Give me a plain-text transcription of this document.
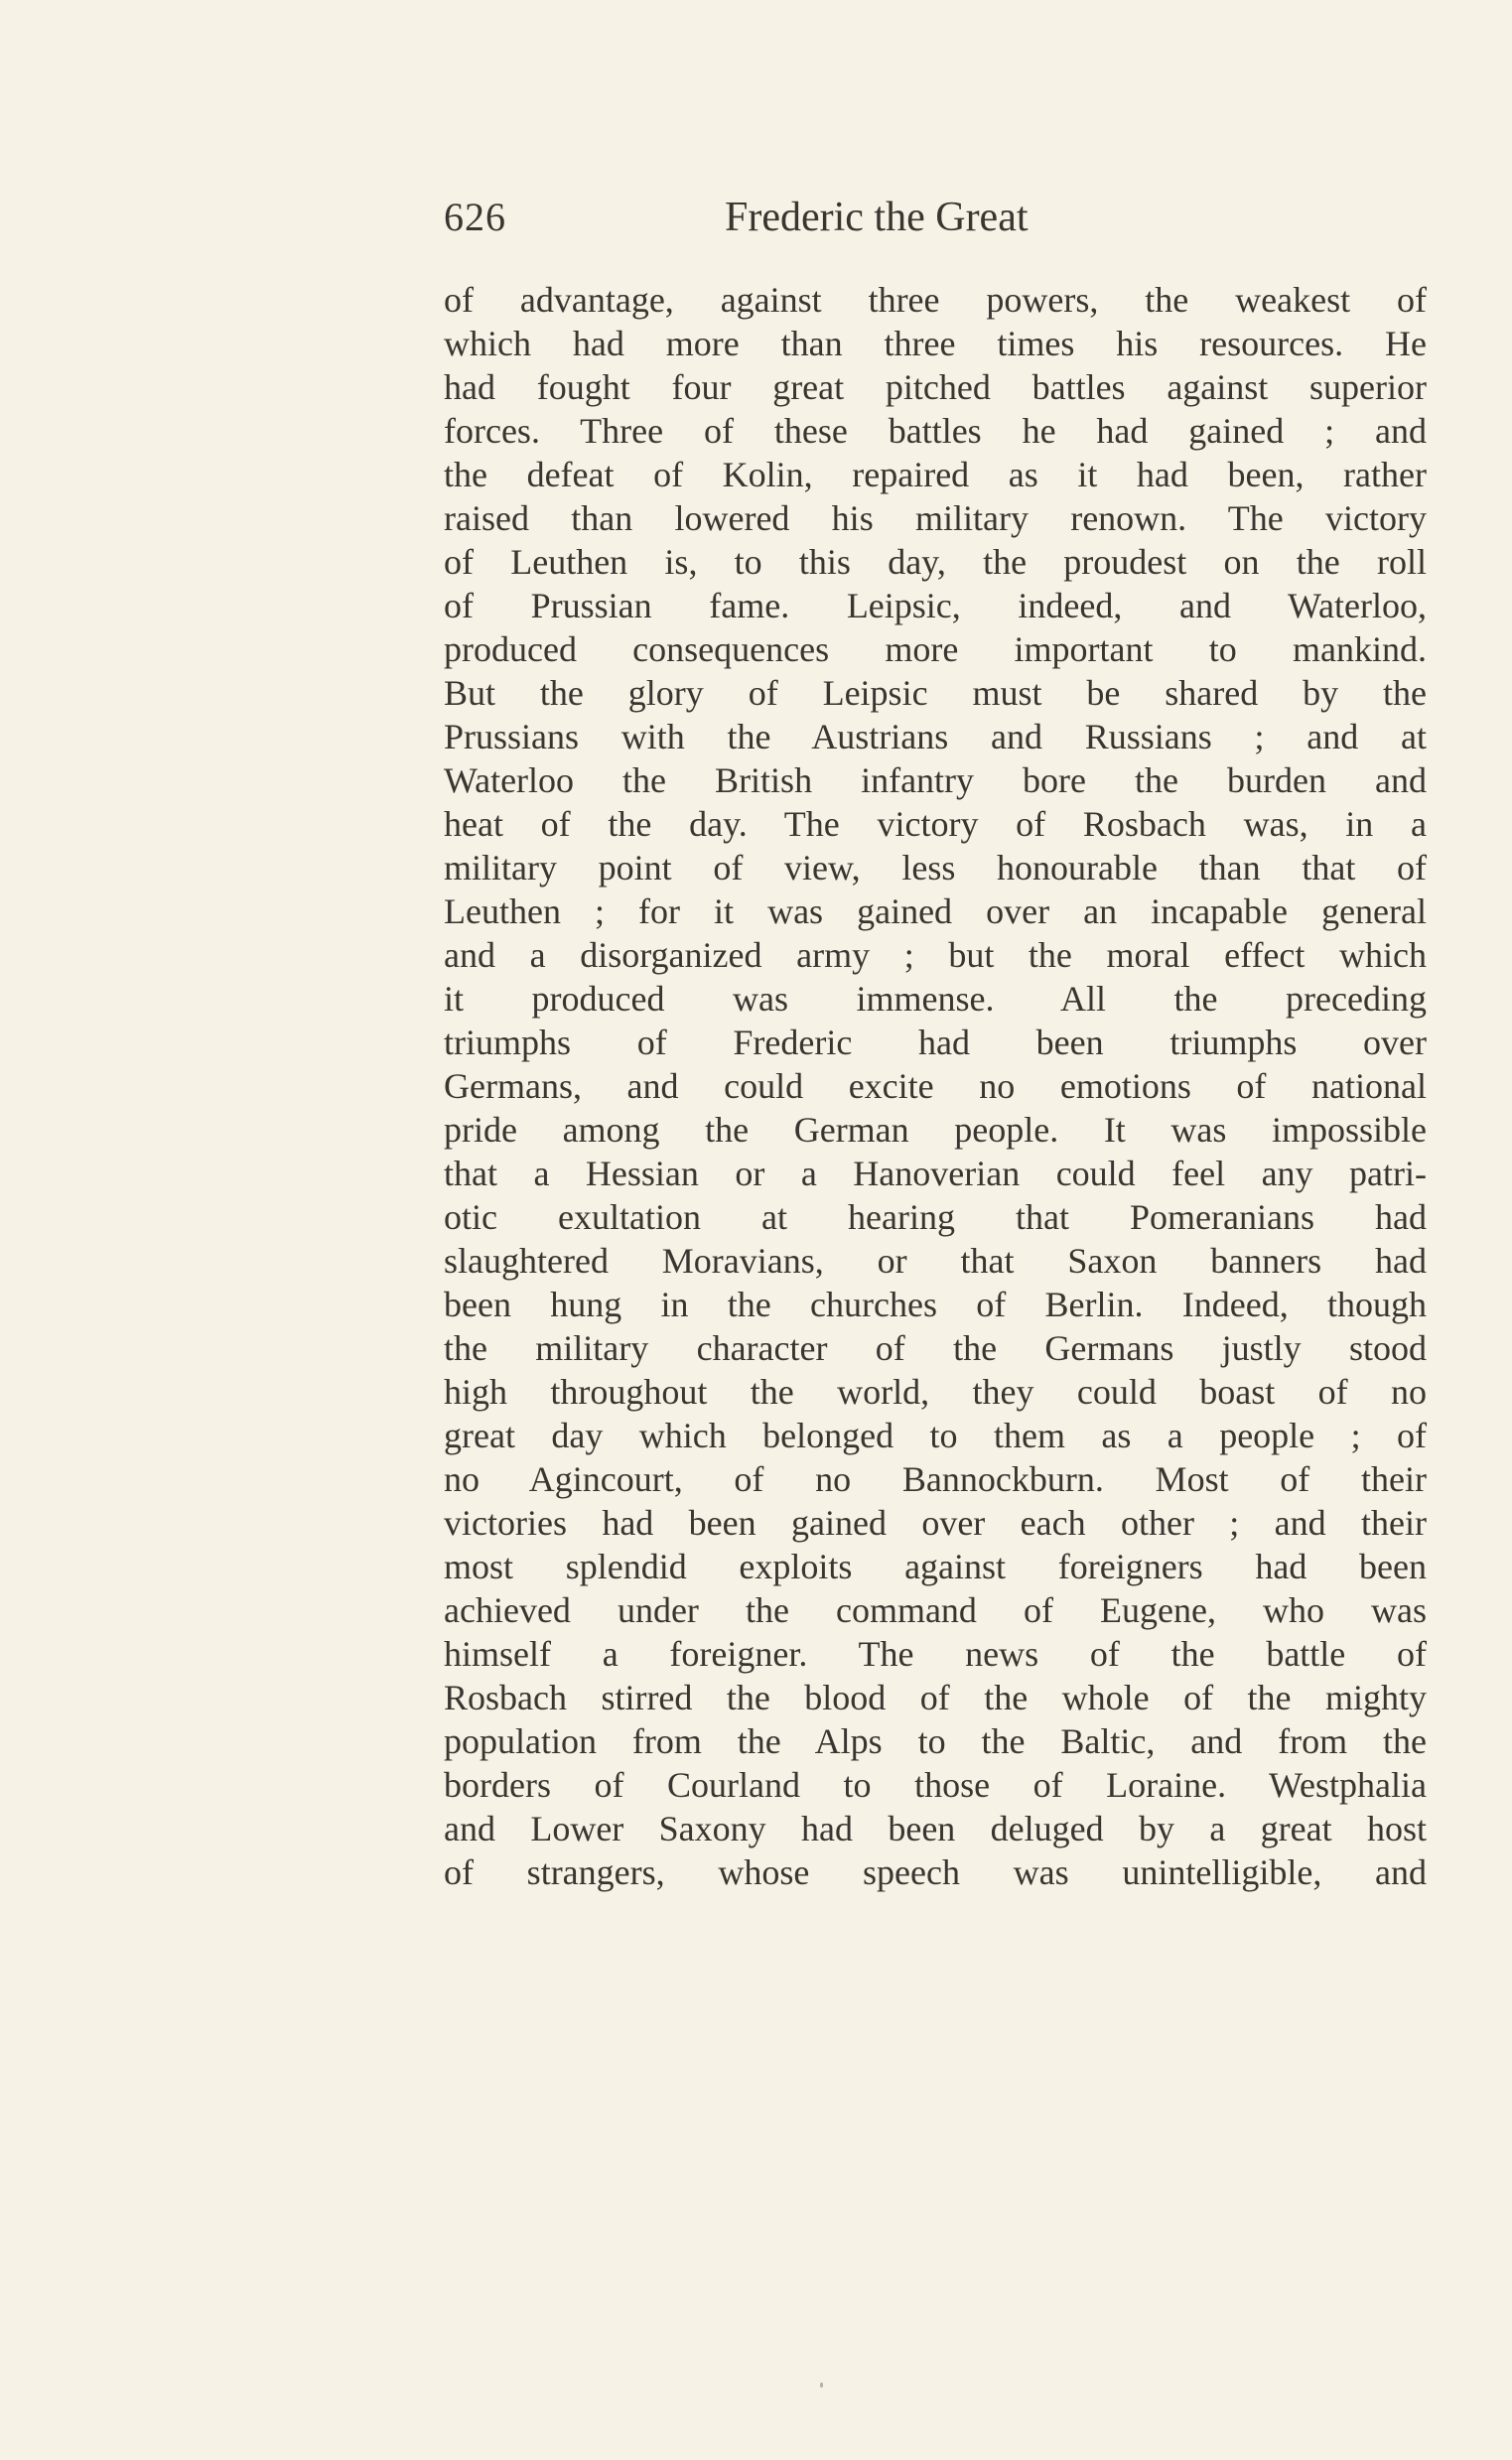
626	Frederic the Great
of advantage, against three powers, the weakest of
which had more than three times his resources. He
had fought four great pitched battles against superior
forces. Three of these battles he had gained ; and
the defeat of Kolin, repaired as it had been, rather
raised than lowered his military renown. The victory
of Leuthen is, to this day, the proudest on the roll
of Prussian fame. Leipsic, indeed, and Waterloo,
produced consequences more important to mankind.
But the glory of Leipsic must be shared by the
Prussians with the Austrians and Russians ; and at
Waterloo the British infantry bore the burden and
heat of the day. The victory of Rosbach was, in a
military point of view, less honourable than that of
Leuthen ; for it was gained over an incapable general
and a disorganized army ; but the moral effect which
it produced was immense. All the preceding
triumphs of Frederic had been triumphs over
Germans, and could excite no emotions of national
pride among the German people. It was impossible
that a Hessian or a Hanoverian could feel any patri-
otic exultation at hearing that Pomeranians had
slaughtered Moravians, or that Saxon banners had
been hung in the churches of Berlin. Indeed, though
the military character of the Germans justly stood
high throughout the world, they could boast of no
great day which belonged to them as a people ; of
no Agincourt, of no Bannockburn. Most of their
victories had been gained over each other ; and their
most splendid exploits against foreigners had been
achieved under the command of Eugene, who was
himself a foreigner. The news of the battle of
Rosbach stirred the blood of the whole of the mighty
population from the Alps to the Baltic, and from the
borders of Courland to those of Loraine. Westphalia
and Lower Saxony had been deluged by a great host
of strangers, whose speech was unintelligible, and
